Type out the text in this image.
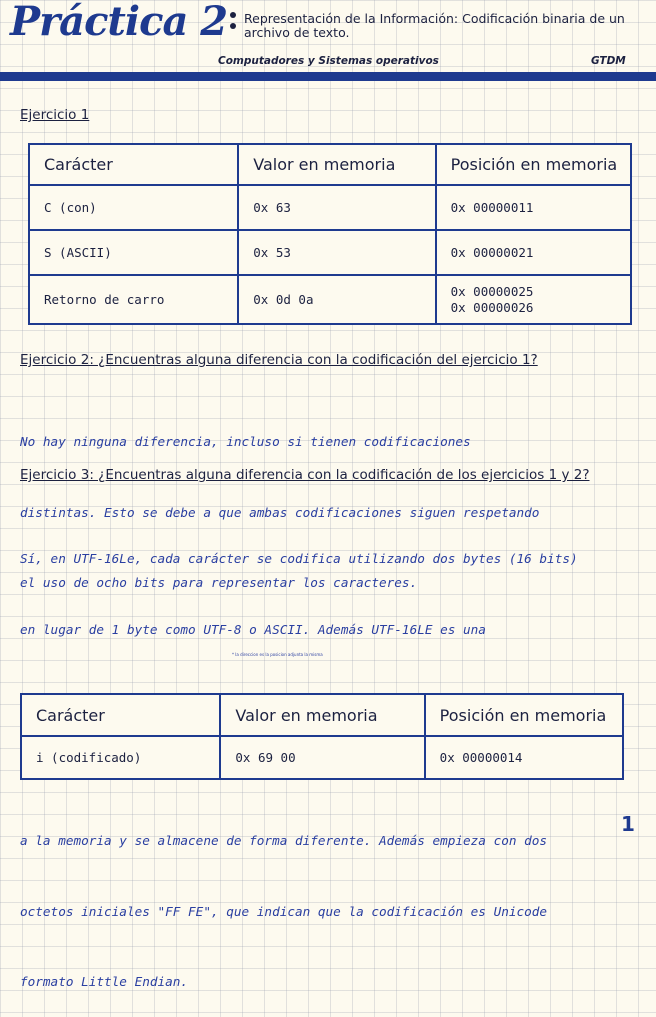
Práctica 2 Representación de la Información: Codificación binaria de un archivo de texto.

Computadores y Sistemas operativos	GTDM
Ejercicio 1
Carácter	Valor en memoria	Posición en memoria
C (con)	0x 63	0x 00000011
S (ASCII)	0x 53	0x 00000021
Retorno de carro	0x 0d 0a	0x 00000025
0x 00000026
Ejercicio 2: ¿Encuentras alguna diferencia con la codificación del ejercicio 1?

No hay ninguna diferencia, incluso si tienen codificaciones

distintas. Esto se debe a que ambas codificaciones siguen respetando

el uso de ocho bits para representar los caracteres.

Ejercicio 3: ¿Encuentras alguna diferencia con la codificación de los ejercicios 1 y 2?

Sí, en UTF-16Le, cada carácter se codifica utilizando dos bytes (16 bits)

en lugar de 1 byte como UTF-8 o ASCII. Además UTF-16LE es una

a la memoria y se almacene de forma diferente. Además empieza con dos

octetos iniciales "FF FE", que indican que la codificación es Unicode

formato Little Endian.

* la direccion es la posicion adjunta la misma
Carácter	Valor en memoria	Posición en memoria
i (codificado)	0x 69 00	0x 00000014
1
